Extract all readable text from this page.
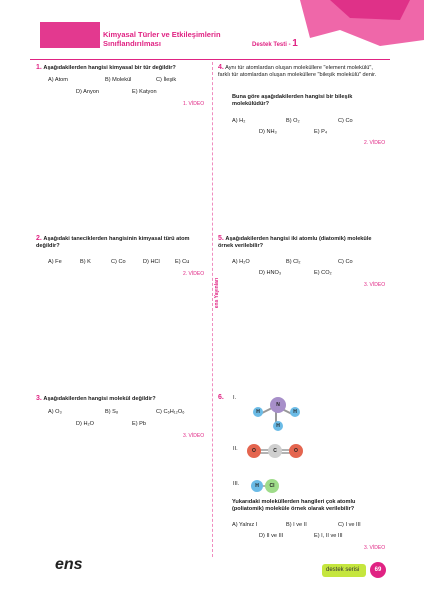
Kimyasal Türler ve Etkileşimlerin Sınıflandırılması	Destek Testi - 1
ens Yayınları
1. Aşağıdakilerden hangisi kimyasal bir tür değildir?
A) Atom	B) Molekül	C) İleşik
D) Anyon	E) Katyon
1. VİDEO
2. Aşağıdaki taneciklerden hangisinin kimyasal türü atom değildir?
A) Fe	B) K	C) Co	D) HCl	E) Cu
2. VİDEO
3. Aşağıdakilerden hangisi molekül değildir?
A) O₃	B) S₈	C) C₆H₁₂O₆
D) H₂O	E) Pb
3. VİDEO
4. Aynı tür atomlardan oluşan moleküllere "element molekülü", farklı tür atomlardan oluşan moleküllere "bileşik molekülü" denir.
Buna göre aşağıdakilerden hangisi bir bileşik molekülüdür?
A) H₂	B) O₂	C) Co
D) NH₃	E) P₄
2. VİDEO
5. Aşağıdakilerden hangisi iki atomlu (diatomik) moleküle örnek verilebilir?
A) H₂O	B) Cl₂	C) Co
D) HNO₃	E) CO₂
3. VİDEO
6. I.
II.
III.
N
H	H
H
O	C	O
H	Cl
Yukarıdaki moleküllerden hangileri çok atomlu (poliatomik) moleküle örnek olarak verilebilir?
A) Yalnız I	B) I ve II	C) I ve III
D) II ve III	E) I, II ve III
3. VİDEO
ens	destek serisi	69
